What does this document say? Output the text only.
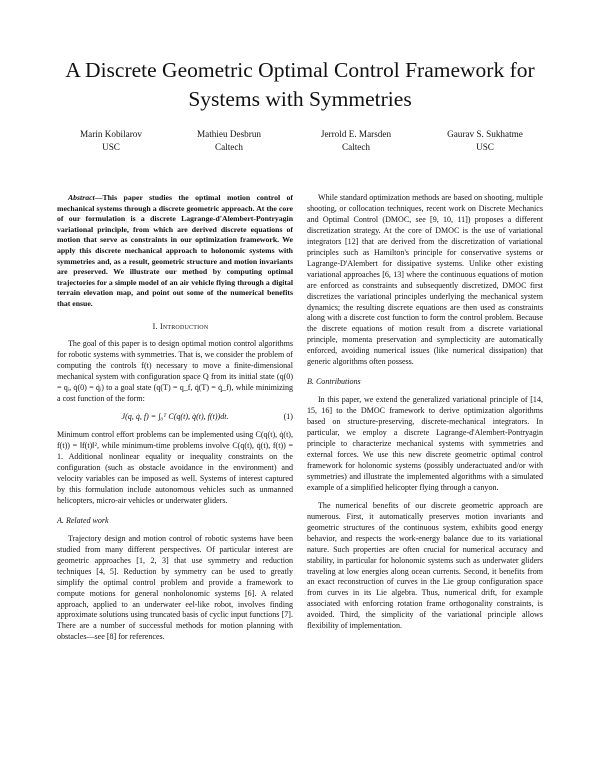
A Discrete Geometric Optimal Control Framework for Systems with Symmetries
Marin Kobilarov
USC
Mathieu Desbrun
Caltech
Jerrold E. Marsden
Caltech
Gaurav S. Sukhatme
USC

Abstract—This paper studies the optimal motion control of mechanical systems through a discrete geometric approach. At the core of our formulation is a discrete Lagrange-d'Alembert-Pontryagin variational principle, from which are derived discrete equations of motion that serve as constraints in our optimization framework. We apply this discrete mechanical approach to holonomic systems with symmetries and, as a result, geometric structure and motion invariants are preserved. We illustrate our method by computing optimal trajectories for a simple model of an air vehicle flying through a digital terrain elevation map, and point out some of the numerical benefits that ensue.

I. Introduction

The goal of this paper is to design optimal motion control algorithms for robotic systems with symmetries. That is, we consider the problem of computing the controls f(t) necessary to move a finite-dimensional mechanical system with configuration space Q from its initial state (q(0) = qᵢ, q̇(0) = q̇ᵢ) to a goal state (q(T) = q_f, q̇(T) = q̇_f), while minimizing a cost function of the form:

J(q, q̇, f) = ∫₀ᵀ C(q(t), q̇(t), f(t))dt.	(1)

Minimum control effort problems can be implemented using C(q(t), q̇(t), f(t)) = ‖f(t)‖², while minimum-time problems involve C(q(t), q̇(t), f(t)) = 1. Additional nonlinear equality or inequality constraints on the configuration (such as obstacle avoidance in the environment) and velocity variables can be imposed as well. Systems of interest captured by this formulation include autonomous vehicles such as unmanned helicopters, micro-air vehicles or underwater gliders.

A. Related work

Trajectory design and motion control of robotic systems have been studied from many different perspectives. Of particular interest are geometric approaches [1, 2, 3] that use symmetry and reduction techniques [4, 5]. Reduction by symmetry can be used to greatly simplify the optimal control problem and provide a framework to compute motions for general nonholonomic systems [6]. A related approach, applied to an underwater eel-like robot, involves finding approximate solutions using truncated basis of cyclic input functions [7]. There are a number of successful methods for motion planning with obstacles—see [8] for references.

While standard optimization methods are based on shooting, multiple shooting, or collocation techniques, recent work on Discrete Mechanics and Optimal Control (DMOC, see [9, 10, 11]) proposes a different discretization strategy. At the core of DMOC is the use of variational integrators [12] that are derived from the discretization of variational principles such as Hamilton's principle for conservative systems or Lagrange-D'Alembert for dissipative systems. Unlike other existing variational approaches [6, 13] where the continuous equations of motion are enforced as constraints and subsequently discretized, DMOC first discretizes the variational principles underlying the mechanical system dynamics; the resulting discrete equations are then used as constraints along with a discrete cost function to form the control problem. Because the discrete equations of motion result from a discrete variational principle, momenta preservation and symplecticity are automatically enforced, avoiding numerical issues (like numerical dissipation) that generic algorithms often possess.

B. Contributions

In this paper, we extend the generalized variational principle of [14, 15, 16] to the DMOC framework to derive optimization algorithms based on structure-preserving, discrete-mechanical integrators. In particular, we employ a discrete Lagrange-d'Alembert-Pontryagin principle to characterize mechanical systems with symmetries and external forces. We use this new discrete geometric optimal control framework for holonomic systems (possibly underactuated and/or with symmetries) and illustrate the implemented algorithms with a simulated example of a simplified helicopter flying through a canyon.

The numerical benefits of our discrete geometric approach are numerous. First, it automatically preserves motion invariants and geometric structures of the continuous system, exhibits good energy behavior, and respects the work-energy balance due to its variational nature. Such properties are often crucial for numerical accuracy and stability, in particular for holonomic systems such as underwater gliders traveling at low energies along ocean currents. Second, it benefits from an exact reconstruction of curves in the Lie group configuration space from curves in its Lie algebra. Thus, numerical drift, for example associated with enforcing rotation frame orthogonality constraints, is avoided. Third, the simplicity of the variational principle allows flexibility of implementation.
